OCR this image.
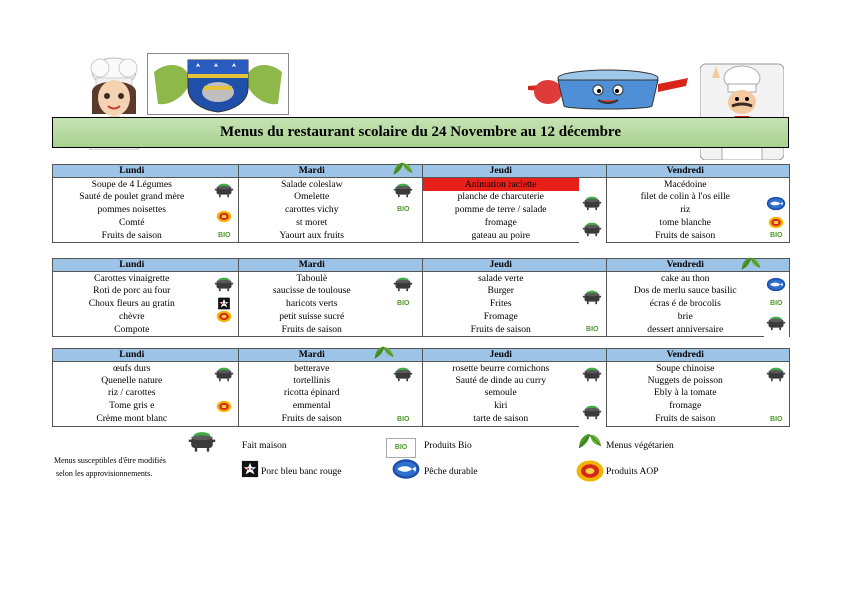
Menus du restaurant scolaire du 24 Novembre au 12 décembre
Lundi		Mardi		Jeudi		Vendredi	
Soupe de 4 Légumes		Salade coleslaw		Animation raclette		Macédoine	
Sauté de poulet grand mère		Omelette		planche de charcuterie		filet de colin à l'os eille	

pommes noisettes		carottes vichy	BIO	pomme de terre / salade		riz	
Comté		st moret		fromage		tome blanche	

Fruits de saison	BIO	Yaourt aux fruits		gateau au poire		Fruits de saison	BIO
Lundi		Mardi		Jeudi		Vendredi	

Carottes vinaigrette		Taboulè		salade verte		cake au thon	

Roti de porc au four		saucisse de toulouse		Burger		Dos de merlu sauce basilic	
Choux fleurs au gratin		haricots verts	BIO	Frites		écras é de brocolis	BIO
chèvre		petit suisse sucré		Fromage		brie	

Compote		Fruits de saison		Fruits de saison	BIO	dessert anniversaire	
Lundi		Mardi		Jeudi		Vendredi	
œufs durs		betterave		rosette beurre cornichons		Soupe chinoise	

Quenelle nature		tortellinis		Sauté de dinde au curry		Nuggets de poisson	
riz / carottes		ricotta épinard		semoule		Ebly à la tomate	
Tome gris e		emmental		kiri		fromage	
Crème mont blanc		Fruits de saison	BIO	tarte de saison		Fruits de saison	BIO
Menus susceptibles d'être modifiés
selon les approvisionnements.
Fait maison	BIO	Produits Bio	Menus végétarien
Porc bleu banc rouge	Pêche durable	Produits AOP
